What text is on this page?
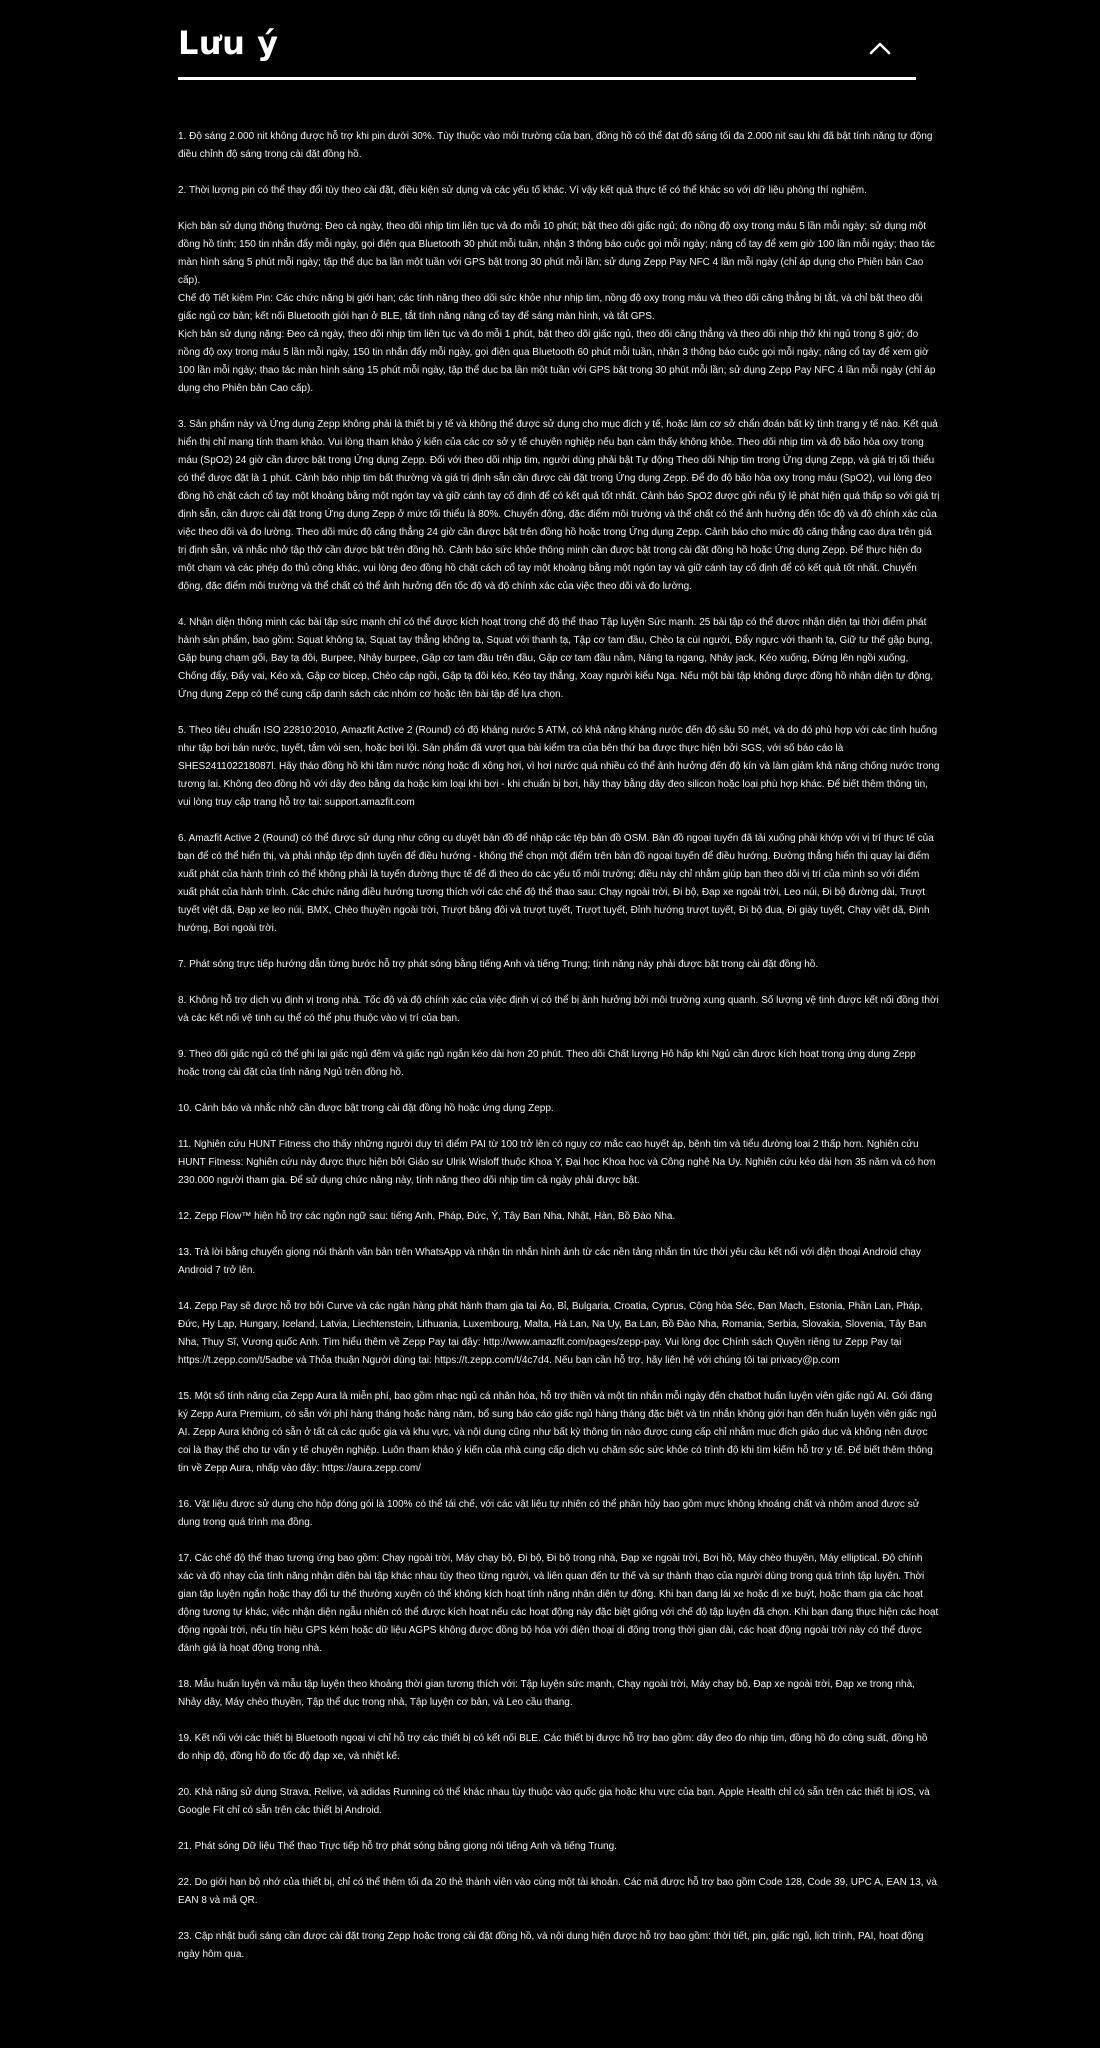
Lưu ý

1. Độ sáng 2.000 nit không được hỗ trợ khi pin dưới 30%. Tùy thuộc vào môi trường của bạn, đồng hồ có thể đạt độ sáng tối đa 2.000 nit sau khi đã bật tính năng tự động điều chỉnh độ sáng trong cài đặt đồng hồ.

2. Thời lượng pin có thể thay đổi tùy theo cài đặt, điều kiện sử dụng và các yếu tố khác. Vì vậy kết quả thực tế có thể khác so với dữ liệu phòng thí nghiệm.

Kịch bản sử dụng thông thường: Đeo cả ngày, theo dõi nhịp tim liên tục và đo mỗi 10 phút; bật theo dõi giấc ngủ; đo nồng độ oxy trong máu 5 lần mỗi ngày; sử dụng một đồng hồ tính; 150 tin nhắn đẩy mỗi ngày, gọi điện qua Bluetooth 30 phút mỗi tuần, nhận 3 thông báo cuộc gọi mỗi ngày; nâng cổ tay để xem giờ 100 lần mỗi ngày; thao tác màn hình sáng 5 phút mỗi ngày; tập thể dục ba lần một tuần với GPS bật trong 30 phút mỗi lần; sử dụng Zepp Pay NFC 4 lần mỗi ngày (chỉ áp dụng cho Phiên bản Cao cấp).
Chế độ Tiết kiệm Pin: Các chức năng bị giới hạn; các tính năng theo dõi sức khỏe như nhịp tim, nồng độ oxy trong máu và theo dõi căng thẳng bị tắt, và chỉ bật theo dõi giấc ngủ cơ bản; kết nối Bluetooth giới hạn ở BLE, tắt tính năng nâng cổ tay để sáng màn hình, và tắt GPS.
Kịch bản sử dụng nặng: Đeo cả ngày, theo dõi nhịp tim liên tục và đo mỗi 1 phút, bật theo dõi giấc ngủ, theo dõi căng thẳng và theo dõi nhịp thở khi ngủ trong 8 giờ; đo nồng độ oxy trong máu 5 lần mỗi ngày, 150 tin nhắn đẩy mỗi ngày, gọi điện qua Bluetooth 60 phút mỗi tuần, nhận 3 thông báo cuộc gọi mỗi ngày; nâng cổ tay để xem giờ 100 lần mỗi ngày; thao tác màn hình sáng 15 phút mỗi ngày, tập thể dục ba lần một tuần với GPS bật trong 30 phút mỗi lần; sử dụng Zepp Pay NFC 4 lần mỗi ngày (chỉ áp dụng cho Phiên bản Cao cấp).

3. Sản phẩm này và Ứng dụng Zepp không phải là thiết bị y tế và không thể được sử dụng cho mục đích y tế, hoặc làm cơ sở chẩn đoán bất kỳ tình trạng y tế nào. Kết quả hiển thị chỉ mang tính tham khảo. Vui lòng tham khảo ý kiến của các cơ sở y tế chuyên nghiệp nếu bạn cảm thấy không khỏe. Theo dõi nhịp tim và độ bão hòa oxy trong máu (SpO2) 24 giờ cần được bật trong Ứng dụng Zepp. Đối với theo dõi nhịp tim, người dùng phải bật Tự động Theo dõi Nhịp tim trong Ứng dụng Zepp, và giá trị tối thiểu có thể được đặt là 1 phút. Cảnh báo nhịp tim bất thường và giá trị định sẵn cần được cài đặt trong Ứng dụng Zepp. Để đo độ bão hòa oxy trong máu (SpO2), vui lòng đeo đồng hồ chặt cách cổ tay một khoảng bằng một ngón tay và giữ cánh tay cố định để có kết quả tốt nhất. Cảnh báo SpO2 được gửi nếu tỷ lệ phát hiện quá thấp so với giá trị định sẵn, cần được cài đặt trong Ứng dụng Zepp ở mức tối thiểu là 80%. Chuyển động, đặc điểm môi trường và thể chất có thể ảnh hưởng đến tốc độ và độ chính xác của việc theo dõi và đo lường. Theo dõi mức độ căng thẳng 24 giờ cần được bật trên đồng hồ hoặc trong Ứng dụng Zepp. Cảnh báo cho mức độ căng thẳng cao dựa trên giá trị định sẵn, và nhắc nhở tập thở cần được bật trên đồng hồ. Cảnh báo sức khỏe thông minh cần được bật trong cài đặt đồng hồ hoặc Ứng dụng Zepp. Để thực hiện đo một chạm và các phép đo thủ công khác, vui lòng đeo đồng hồ chặt cách cổ tay một khoảng bằng một ngón tay và giữ cánh tay cố định để có kết quả tốt nhất. Chuyển động, đặc điểm môi trường và thể chất có thể ảnh hưởng đến tốc độ và độ chính xác của việc theo dõi và đo lường.

4. Nhận diện thông minh các bài tập sức mạnh chỉ có thể được kích hoạt trong chế độ thể thao Tập luyện Sức mạnh. 25 bài tập có thể được nhận diện tại thời điểm phát hành sản phẩm, bao gồm: Squat không tạ, Squat tay thẳng không tạ, Squat với thanh tạ, Tập cơ tam đầu, Chèo tạ cúi người, Đẩy ngực với thanh tạ, Giữ tư thế gập bụng, Gập bụng chạm gối, Bay tạ đôi, Burpee, Nhảy burpee, Gập cơ tam đầu trên đầu, Gập cơ tam đầu nằm, Nâng tạ ngang, Nhảy jack, Kéo xuống, Đứng lên ngồi xuống, Chống đẩy, Đẩy vai, Kéo xà, Gập cơ bicep, Chèo cáp ngồi, Gập tạ đôi kéo, Kéo tay thẳng, Xoay người kiểu Nga. Nếu một bài tập không được đồng hồ nhận diện tự động, Ứng dụng Zepp có thể cung cấp danh sách các nhóm cơ hoặc tên bài tập để lựa chọn.

5. Theo tiêu chuẩn ISO 22810:2010, Amazfit Active 2 (Round) có độ kháng nước 5 ATM, có khả năng kháng nước đến độ sâu 50 mét, và do đó phù hợp với các tình huống như tập bơi bán nước, tuyết, tắm vòi sen, hoặc bơi lội. Sản phẩm đã vượt qua bài kiểm tra của bên thứ ba được thực hiện bởi SGS, với số báo cáo là SHES241102218087l. Hãy tháo đồng hồ khi tắm nước nóng hoặc đi xông hơi, vì hơi nước quá nhiều có thể ảnh hưởng đến độ kín và làm giảm khả năng chống nước trong tương lai. Không đeo đồng hồ với dây đeo bằng da hoặc kim loại khi bơi - khi chuẩn bị bơi, hãy thay bằng dây đeo silicon hoặc loại phù hợp khác. Để biết thêm thông tin, vui lòng truy cập trang hỗ trợ tại: support.amazfit.com

6. Amazfit Active 2 (Round) có thể được sử dụng như công cụ duyệt bản đồ để nhập các tệp bản đồ OSM. Bản đồ ngoại tuyến đã tải xuống phải khớp với vị trí thực tế của bạn để có thể hiển thị, và phải nhập tệp định tuyến để điều hướng - không thể chọn một điểm trên bản đồ ngoại tuyến để điều hướng. Đường thẳng hiển thị quay lại điểm xuất phát của hành trình có thể không phải là tuyến đường thực tế để đi theo do các yếu tố môi trường; điều này chỉ nhằm giúp bạn theo dõi vị trí của mình so với điểm xuất phát của hành trình. Các chức năng điều hướng tương thích với các chế độ thể thao sau: Chạy ngoài trời, Đi bộ, Đạp xe ngoài trời, Leo núi, Đi bộ đường dài, Trượt tuyết việt dã, Đạp xe leo núi, BMX, Chèo thuyền ngoài trời, Trượt băng đôi và trượt tuyết, Trượt tuyết, Đỉnh hướng trượt tuyết, Đi bộ đua, Đi giày tuyết, Chạy việt dã, Định hướng, Bơi ngoài trời.

7. Phát sóng trực tiếp hướng dẫn từng bước hỗ trợ phát sóng bằng tiếng Anh và tiếng Trung; tính năng này phải được bật trong cài đặt đồng hồ.

8. Không hỗ trợ dịch vụ định vị trong nhà. Tốc độ và độ chính xác của việc định vị có thể bị ảnh hưởng bởi môi trường xung quanh. Số lượng vệ tinh được kết nối đồng thời và các kết nối vệ tinh cụ thể có thể phụ thuộc vào vị trí của bạn.

9. Theo dõi giấc ngủ có thể ghi lại giấc ngủ đêm và giấc ngủ ngắn kéo dài hơn 20 phút. Theo dõi Chất lượng Hô hấp khi Ngủ cần được kích hoạt trong ứng dụng Zepp hoặc trong cài đặt của tính năng Ngủ trên đồng hồ.

10. Cảnh báo và nhắc nhở cần được bật trong cài đặt đồng hồ hoặc ứng dụng Zepp.

11. Nghiên cứu HUNT Fitness cho thấy những người duy trì điểm PAI từ 100 trở lên có nguy cơ mắc cao huyết áp, bệnh tim và tiểu đường loại 2 thấp hơn. Nghiên cứu HUNT Fitness: Nghiên cứu này được thực hiện bởi Giáo sư Ulrik Wisloff thuộc Khoa Y, Đại học Khoa học và Công nghệ Na Uy. Nghiên cứu kéo dài hơn 35 năm và có hơn 230.000 người tham gia. Để sử dụng chức năng này, tính năng theo dõi nhịp tim cả ngày phải được bật.

12. Zepp Flow™ hiện hỗ trợ các ngôn ngữ sau: tiếng Anh, Pháp, Đức, Ý, Tây Ban Nha, Nhật, Hàn, Bồ Đào Nha.

13. Trả lời bằng chuyển giọng nói thành văn bản trên WhatsApp và nhận tin nhắn hình ảnh từ các nền tảng nhắn tin tức thời yêu cầu kết nối với điện thoại Android chạy Android 7 trở lên.

14. Zepp Pay sẽ được hỗ trợ bởi Curve và các ngân hàng phát hành tham gia tại Áo, Bỉ, Bulgaria, Croatia, Cyprus, Cộng hòa Séc, Đan Mạch, Estonia, Phần Lan, Pháp, Đức, Hy Lạp, Hungary, Iceland, Latvia, Liechtenstein, Lithuania, Luxembourg, Malta, Hà Lan, Na Uy, Ba Lan, Bồ Đào Nha, Romania, Serbia, Slovakia, Slovenia, Tây Ban Nha, Thụy Sĩ, Vương quốc Anh. Tìm hiểu thêm về Zepp Pay tại đây: http://www.amazfit.com/pages/zepp-pay. Vui lòng đọc Chính sách Quyền riêng tư Zepp Pay tại https://t.zepp.com/t/5adbe và Thỏa thuận Người dùng tại: https://t.zepp.com/t/4c7d4. Nếu bạn cần hỗ trợ, hãy liên hệ với chúng tôi tại privacy@p.com

15. Một số tính năng của Zepp Aura là miễn phí, bao gồm nhạc ngủ cá nhân hóa, hỗ trợ thiền và một tin nhắn mỗi ngày đến chatbot huấn luyện viên giấc ngủ AI. Gói đăng ký Zepp Aura Premium, có sẵn với phí hàng tháng hoặc hàng năm, bổ sung báo cáo giấc ngủ hàng tháng đặc biệt và tin nhắn không giới hạn đến huấn luyện viên giấc ngủ AI. Zepp Aura không có sẵn ở tất cả các quốc gia và khu vực, và nội dung cũng như bất kỳ thông tin nào được cung cấp chỉ nhằm mục đích giáo dục và không nên được coi là thay thế cho tư vấn y tế chuyên nghiệp. Luôn tham khảo ý kiến của nhà cung cấp dịch vụ chăm sóc sức khỏe có trình độ khi tìm kiếm hỗ trợ y tế. Để biết thêm thông tin về Zepp Aura, nhấp vào đây: https://aura.zepp.com/

16. Vật liệu được sử dụng cho hộp đóng gói là 100% có thể tái chế, với các vật liệu tự nhiên có thể phân hủy bao gồm mực không khoáng chất và nhôm anod được sử dụng trong quá trình mạ đồng.

17. Các chế độ thể thao tương ứng bao gồm: Chạy ngoài trời, Máy chạy bộ, Đi bộ, Đi bộ trong nhà, Đạp xe ngoài trời, Bơi hồ, Máy chèo thuyền, Máy elliptical. Độ chính xác và độ nhạy của tính năng nhận diện bài tập khác nhau tùy theo từng người, và liên quan đến tư thế và sự thành thạo của người dùng trong quá trình tập luyện. Thời gian tập luyện ngắn hoặc thay đổi tư thế thường xuyên có thể không kích hoạt tính năng nhận diện tự động. Khi bạn đang lái xe hoặc đi xe buýt, hoặc tham gia các hoạt động tương tự khác, việc nhận diện ngẫu nhiên có thể được kích hoạt nếu các hoạt động này đặc biệt giống với chế độ tập luyện đã chọn. Khi bạn đang thực hiện các hoạt động ngoài trời, nếu tín hiệu GPS kém hoặc dữ liệu AGPS không được đồng bộ hóa với điện thoại di động trong thời gian dài, các hoạt động ngoài trời này có thể được đánh giá là hoạt động trong nhà.

18. Mẫu huấn luyện và mẫu tập luyện theo khoảng thời gian tương thích với: Tập luyện sức mạnh, Chạy ngoài trời, Máy chạy bộ, Đạp xe ngoài trời, Đạp xe trong nhà, Nhảy dây, Máy chèo thuyền, Tập thể dục trong nhà, Tập luyện cơ bản, và Leo cầu thang.

19. Kết nối với các thiết bị Bluetooth ngoại vi chỉ hỗ trợ các thiết bị có kết nối BLE. Các thiết bị được hỗ trợ bao gồm: dây đeo đo nhịp tim, đồng hồ đo công suất, đồng hồ đo nhịp độ, đồng hồ đo tốc độ đạp xe, và nhiệt kế.

20. Khả năng sử dụng Strava, Relive, và adidas Running có thể khác nhau tùy thuộc vào quốc gia hoặc khu vực của bạn. Apple Health chỉ có sẵn trên các thiết bị iOS, và Google Fit chỉ có sẵn trên các thiết bị Android.

21. Phát sóng Dữ liệu Thể thao Trực tiếp hỗ trợ phát sóng bằng giọng nói tiếng Anh và tiếng Trung.

22. Do giới hạn bộ nhớ của thiết bị, chỉ có thể thêm tối đa 20 thẻ thành viên vào cùng một tài khoản. Các mã được hỗ trợ bao gồm Code 128, Code 39, UPC A, EAN 13, và EAN 8 và mã QR.

23. Cập nhật buổi sáng cần được cài đặt trong Zepp hoặc trong cài đặt đồng hồ, và nội dung hiện được hỗ trợ bao gồm: thời tiết, pin, giấc ngủ, lịch trình, PAI, hoạt động ngày hôm qua.
